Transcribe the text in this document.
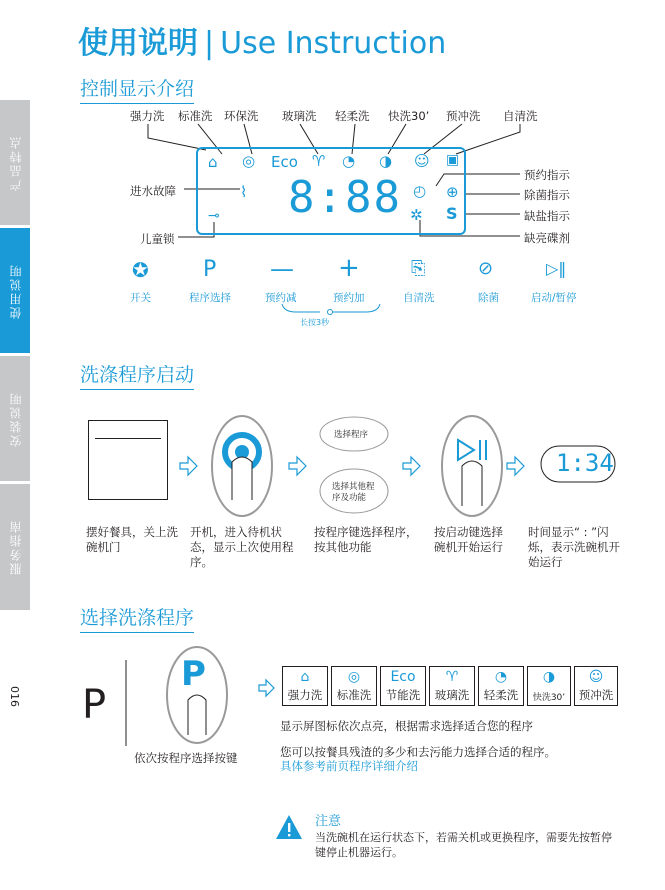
使用说明 | Use Instruction
产品特点
使用说明
安装说明
服务指南
016
控制显示介绍
强力洗 标准洗 环保洗 玻璃洗 轻柔洗 快洗30’ 预冲洗 自清洗
⌂ ◎ Eco ♈ ◔ ◑ ☺ ▣
⌇
⊸ 8:88 ◴ ⊕
✲ S
进水故障
儿童锁
预约指示
除菌指示
缺盐指示
缺亮碟剂
✪ P — +	⎘	⊘	▷‖
开关	程序选择	预约减	预约加	自清洗	除菌	启动/暂停
长按3秒
洗涤程序启动
选择程序
选择其他程序及功能
1:34
摆好餐具，关上洗碗机门
开机，进入待机状态，显示上次使用程序。
按程序键选择程序，按其他功能
按启动键选择碗机开始运行
时间显示“ : ”闪烁，表示洗碗机开始运行
选择洗涤程序
P
P
依次按程序选择按键
⌂
强力洗
◎
标准洗
Eco
节能洗
♈
玻璃洗
◔
轻柔洗
◑
快洗30’
☺
预冲洗
显示屏图标依次点亮，根据需求选择适合您的程序
您可以按餐具残渣的多少和去污能力选择合适的程序。
具体参考前页程序详细介绍
注意
当洗碗机在运行状态下，若需关机或更换程序，需要先按暂停键停止机器运行。
